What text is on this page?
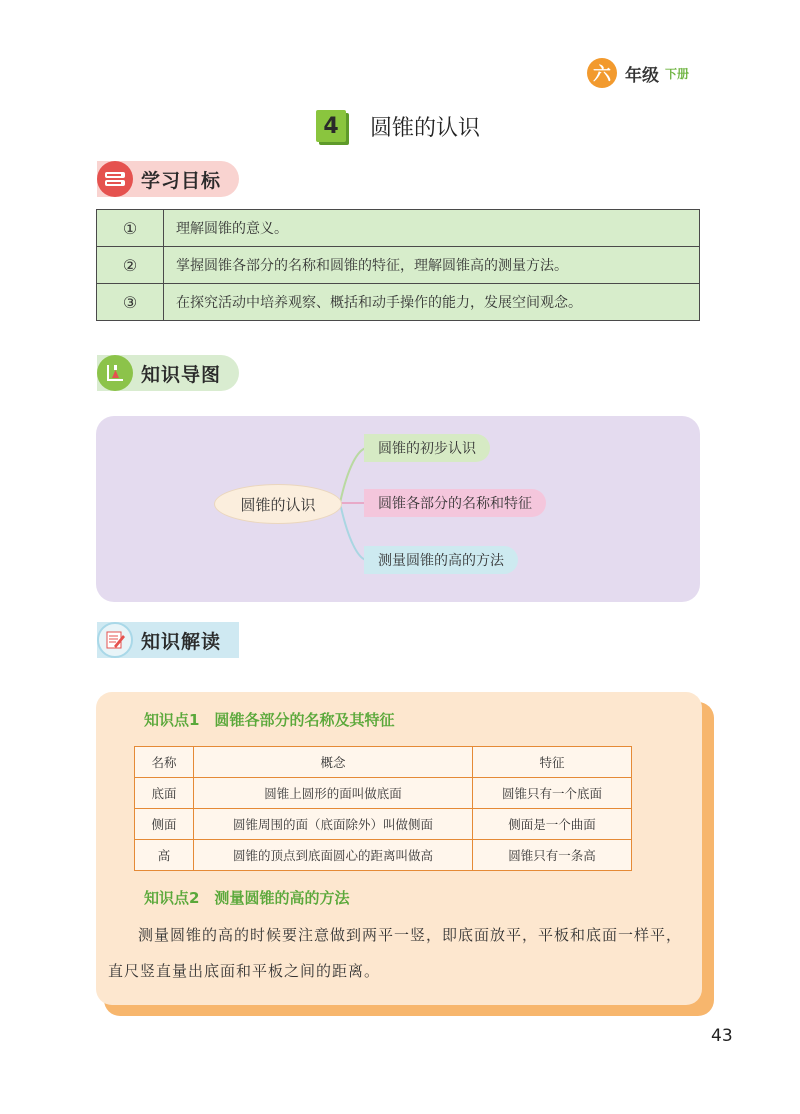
六 年级 下册
4	圆锥的认识
学习目标
①	理解圆锥的意义。
②	掌握圆锥各部分的名称和圆锥的特征，理解圆锥高的测量方法。
③	在探究活动中培养观察、概括和动手操作的能力，发展空间观念。
知识导图
圆锥的认识
圆锥的初步认识
圆锥各部分的名称和特征
测量圆锥的高的方法
知识解读
知识点1　圆锥各部分的名称及其特征
名称	概念	特征
底面	圆锥上圆形的面叫做底面	圆锥只有一个底面
侧面	圆锥周围的面（底面除外）叫做侧面	侧面是一个曲面
高	圆锥的顶点到底面圆心的距离叫做高	圆锥只有一条高
知识点2　测量圆锥的高的方法
测量圆锥的高的时候要注意做到两平一竖，即底面放平，平板和底面一样平，直尺竖直量出底面和平板之间的距离。
43
